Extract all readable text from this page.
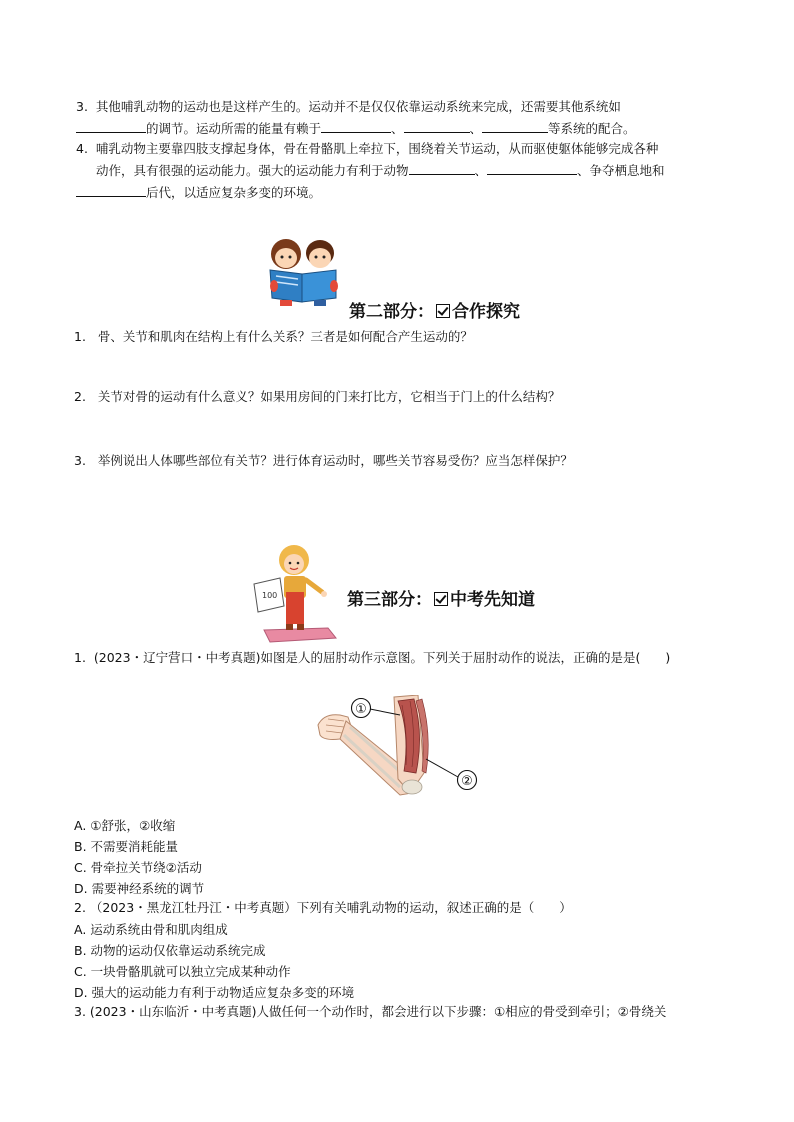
3. 其他哺乳动物的运动也是这样产生的。运动并不是仅仅依靠运动系统来完成，还需要其他系统如
的调节。运动所需的能量有赖于	、	、	等系统的配合。
4. 哺乳动物主要靠四肢支撑起身体，骨在骨骼肌上牵拉下，围绕着关节运动，从而驱使躯体能够完成各种
动作，具有很强的运动能力。强大的运动能力有利于动物	、	、争夺栖息地和
后代，以适应复杂多变的环境。
第二部分： 合作探究
1. 骨、关节和肌肉在结构上有什么关系？三者是如何配合产生运动的？
2. 关节对骨的运动有什么意义？如果用房间的门来打比方，它相当于门上的什么结构？
3. 举例说出人体哪些部位有关节？进行体育运动时，哪些关节容易受伤？应当怎样保护？
100	第三部分： 中考先知道
1. (2023・辽宁营口・中考真题)如图是人的屈肘动作示意图。下列关于屈肘动作的说法，正确的是是(　　)
①
②
A. ①舒张，②收缩
B. 不需要消耗能量
C. 骨牵拉关节绕②活动
D. 需要神经系统的调节
2. （2023・黑龙江牡丹江・中考真题）下列有关哺乳动物的运动，叙述正确的是（　　）
A. 运动系统由骨和肌肉组成
B. 动物的运动仅依靠运动系统完成
C. 一块骨骼肌就可以独立完成某种动作
D. 强大的运动能力有利于动物适应复杂多变的环境
3. (2023・山东临沂・中考真题)人做任何一个动作时，都会进行以下步骤：①相应的骨受到牵引；②骨绕关
